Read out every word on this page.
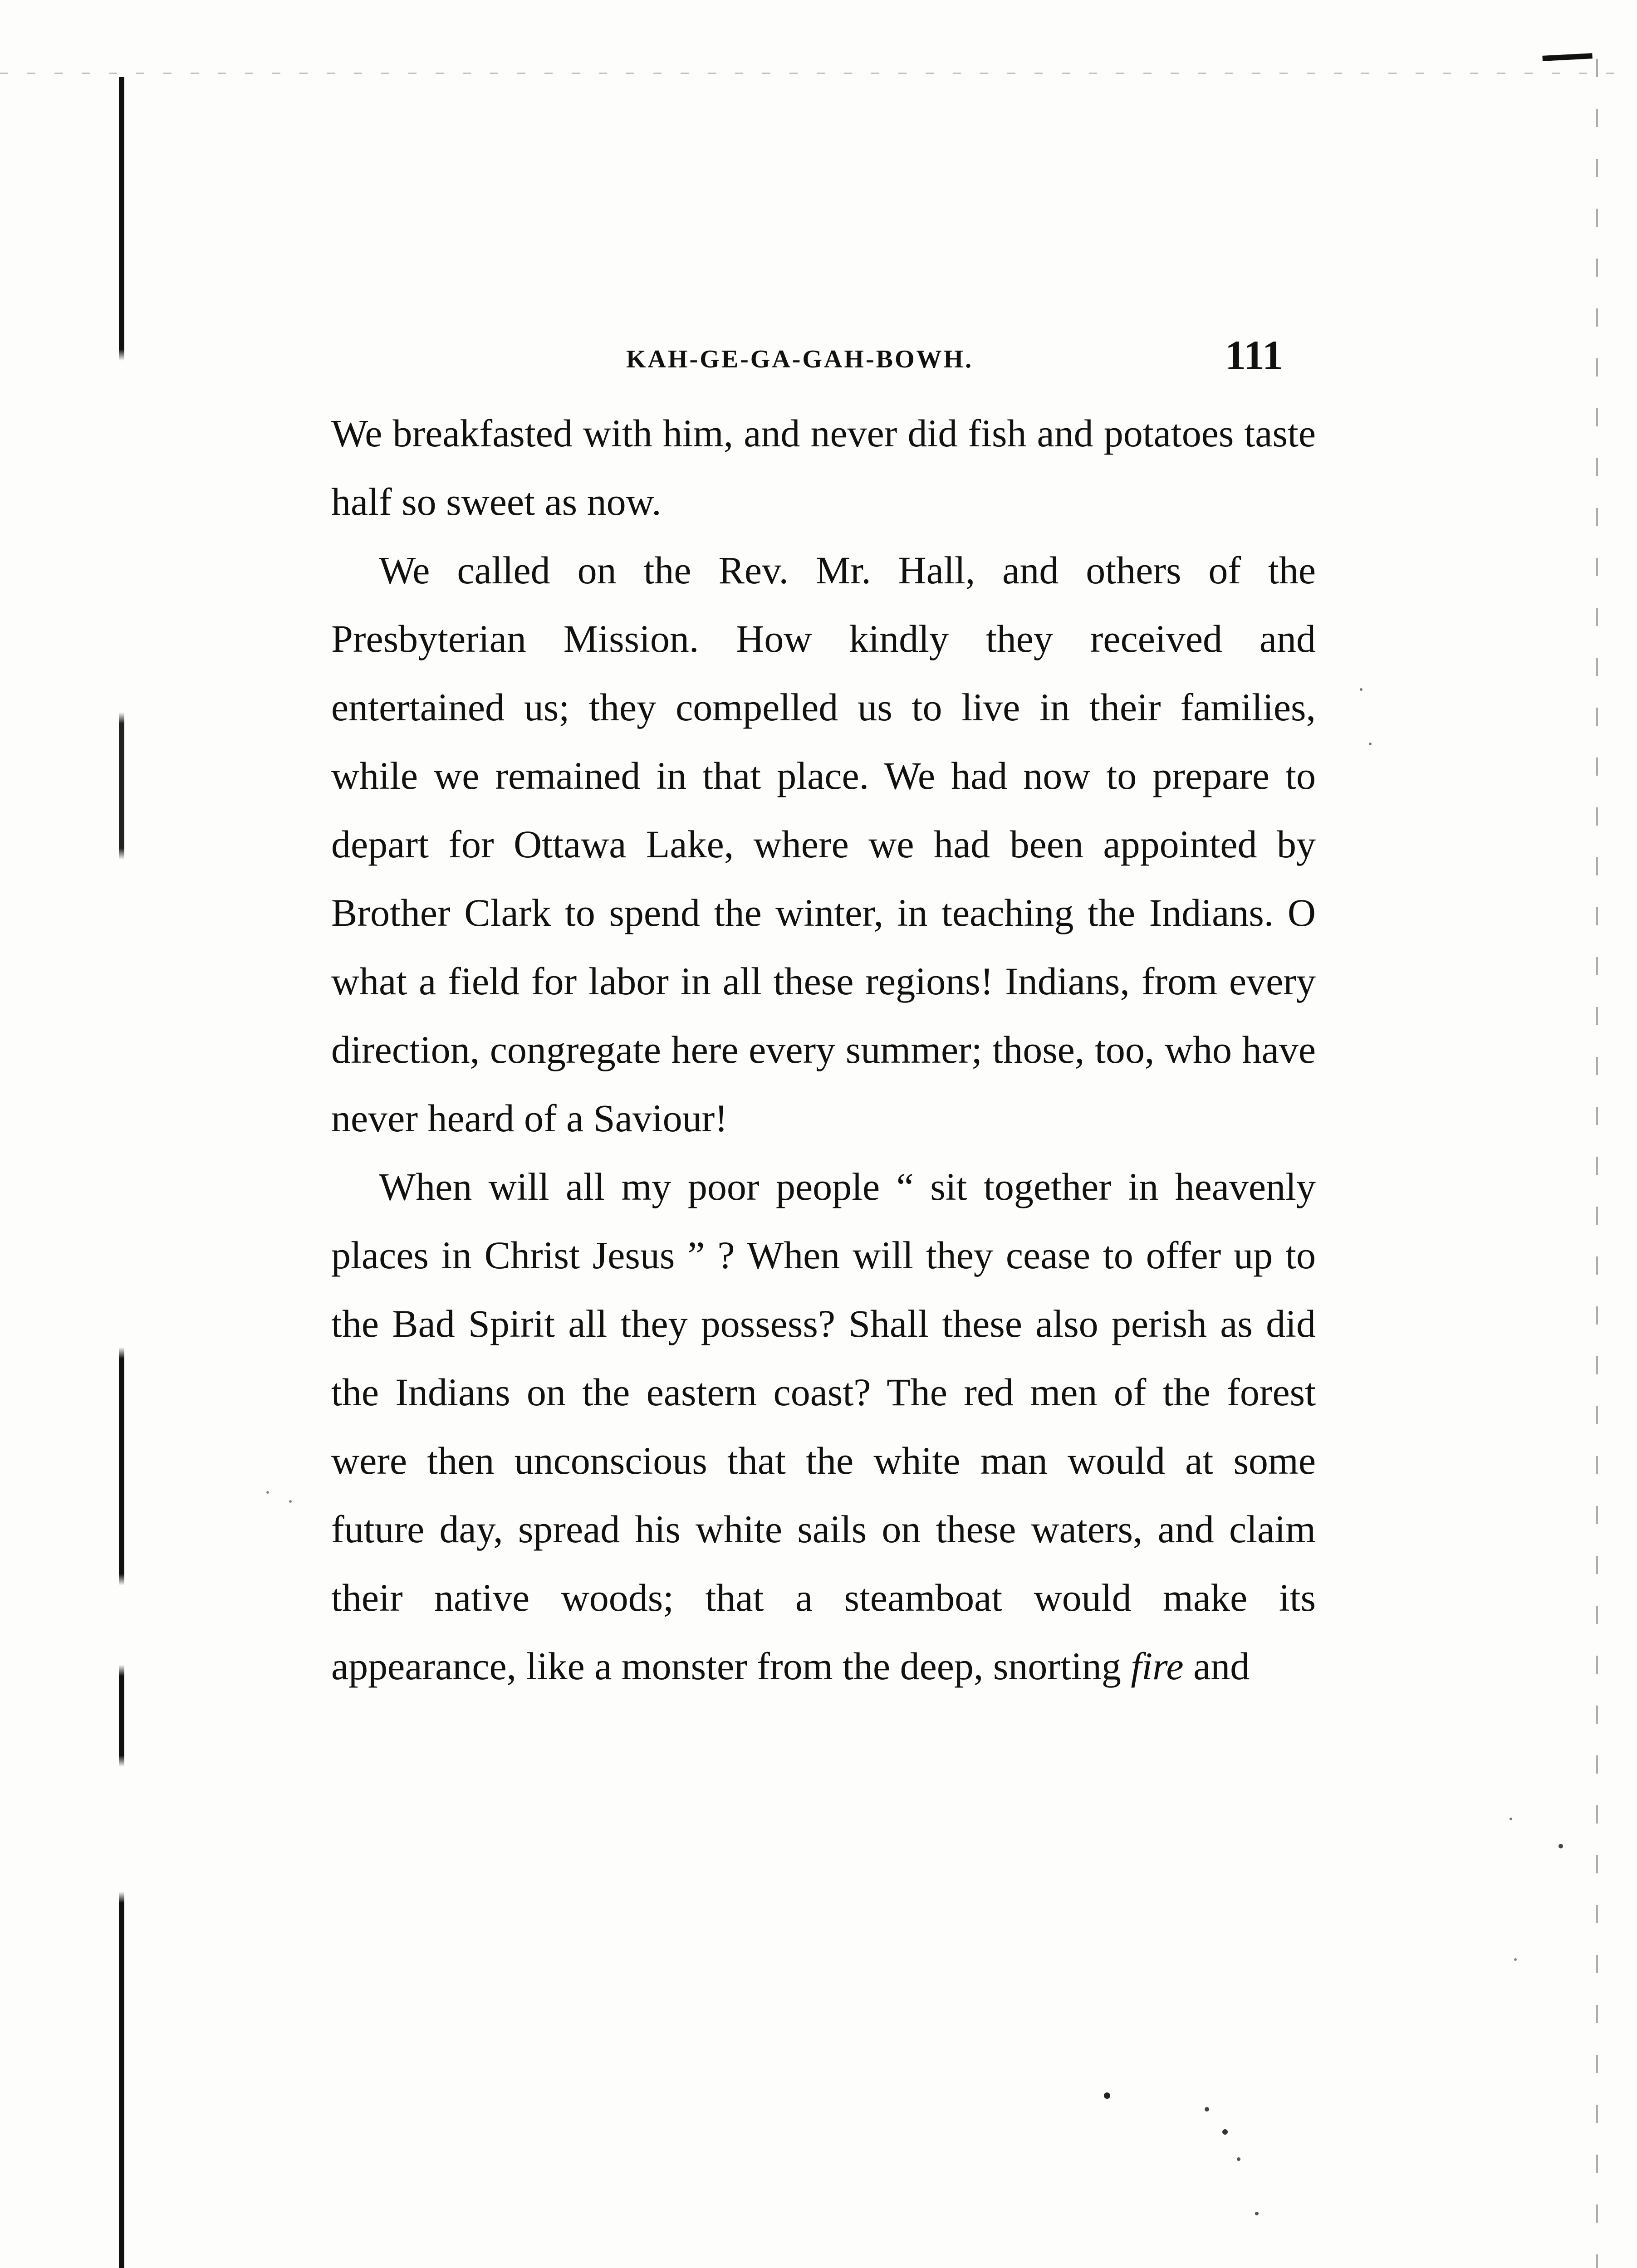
KAH-GE-GA-GAH-BOWH.	111

We breakfasted with him, and never did fish and potatoes taste half so sweet as now.

We called on the Rev. Mr. Hall, and others of the Presbyterian Mission. How kindly they received and entertained us; they compelled us to live in their families, while we remained in that place. We had now to prepare to depart for Ottawa Lake, where we had been appointed by Brother Clark to spend the winter, in teaching the Indians. O what a field for labor in all these regions! Indians, from every direction, congregate here every summer; those, too, who have never heard of a Saviour!

When will all my poor people “ sit together in heavenly places in Christ Jesus ” ? When will they cease to offer up to the Bad Spirit all they possess? Shall these also perish as did the Indians on the eastern coast? The red men of the forest were then unconscious that the white man would at some future day, spread his white sails on these waters, and claim their native woods; that a steamboat would make its appearance, like a monster from the deep, snorting fire and
